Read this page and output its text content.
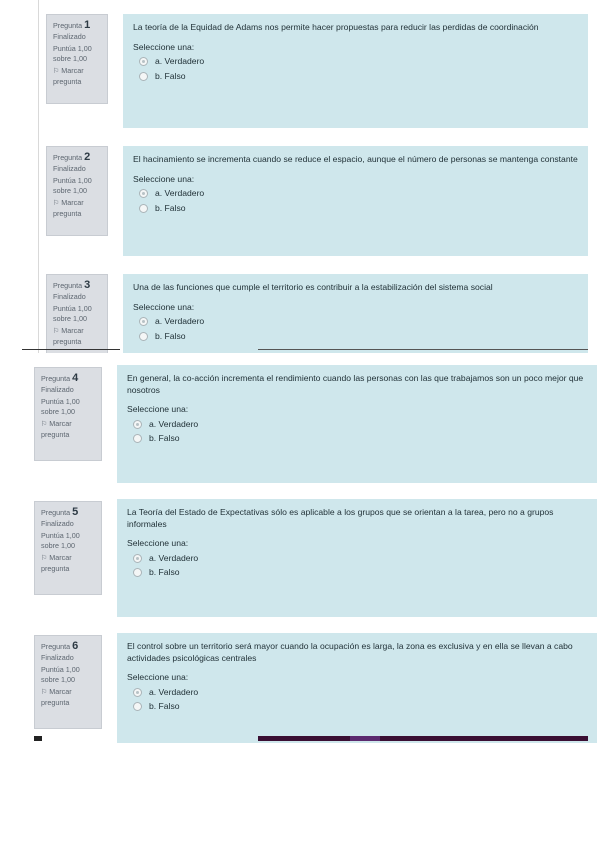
Pregunta 1
Finalizado
Puntúa 1,00
sobre 1,00
⚐ Marcar
pregunta
La teoría de la Equidad de Adams nos permite hacer propuestas para reducir las perdidas de coordinación
Seleccione una:
a. Verdadero
b. Falso
Pregunta 2
Finalizado
Puntúa 1,00
sobre 1,00
⚐ Marcar
pregunta
El hacinamiento se incrementa cuando se reduce el espacio, aunque el número de personas se mantenga constante
Seleccione una:
a. Verdadero
b. Falso
Pregunta 3
Finalizado
Puntúa 1,00
sobre 1,00
⚐ Marcar
pregunta
Una de las funciones que cumple el territorio es contribuir a la estabilización del sistema social
Seleccione una:
a. Verdadero
b. Falso
Pregunta 4
Finalizado
Puntúa 1,00
sobre 1,00
⚐ Marcar
pregunta
En general, la co-acción incrementa el rendimiento cuando las personas con las que trabajamos son un poco mejor que nosotros
Seleccione una:
a. Verdadero
b. Falso
Pregunta 5
Finalizado
Puntúa 1,00
sobre 1,00
⚐ Marcar
pregunta
La Teoría del Estado de Expectativas sólo es aplicable a los grupos que se orientan a la tarea, pero no a grupos informales
Seleccione una:
a. Verdadero
b. Falso
Pregunta 6
Finalizado
Puntúa 1,00
sobre 1,00
⚐ Marcar
pregunta
El control sobre un territorio será mayor cuando la ocupación es larga, la zona es exclusiva y en ella se llevan a cabo actividades psicológicas centrales
Seleccione una:
a. Verdadero
b. Falso
